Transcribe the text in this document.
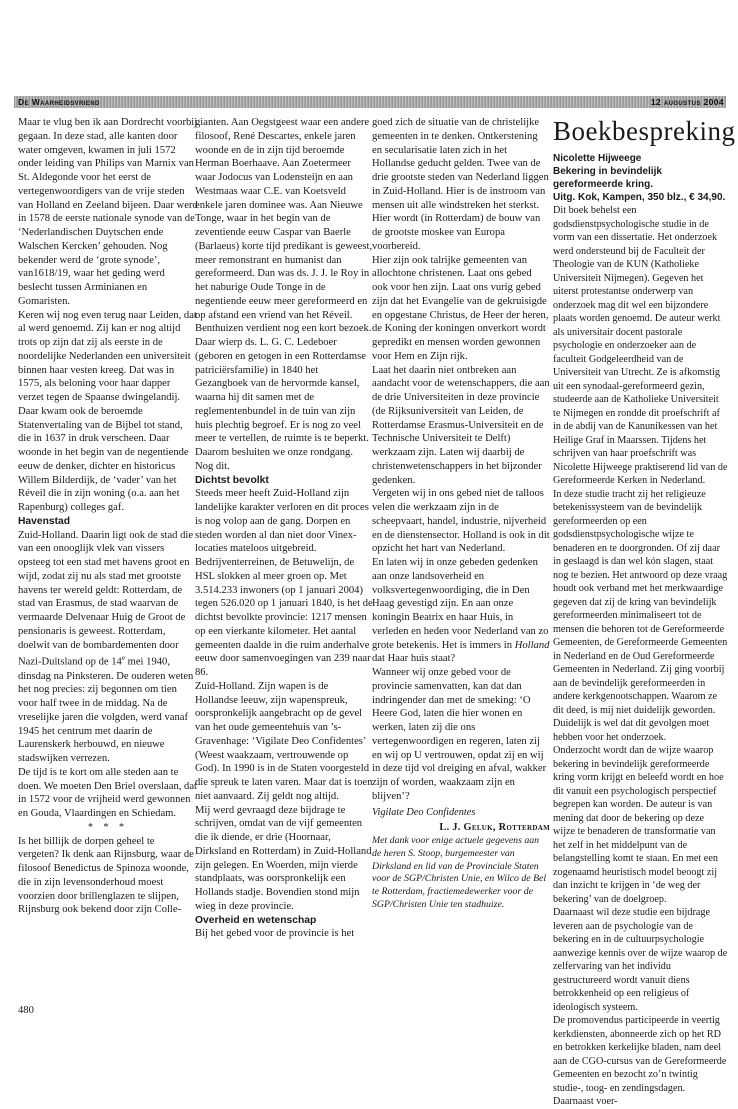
De Waarheidsvriend	12 augustus 2004

Maar te vlug ben ik aan Dordrecht voorbij gegaan. In deze stad, alle kanten door water omgeven, kwamen in juli 1572 onder leiding van Philips van Marnix van St. Aldegonde voor het eerst de vertegenwoordigers van de vrije steden van Holland en Zeeland bijeen. Daar werd in 1578 de eerste nationale synode van de ‘Nederlandischen Duytschen ende Walschen Kercken’ gehouden. Nog bekender werd de ‘grote synode’, van1618/19, waar het geding werd beslecht tussen Arminianen en Gomaristen.

Keren wij nog even terug naar Leiden, dat al werd genoemd. Zij kan er nog altijd trots op zijn dat zij als eerste in de noordelijke Nederlanden een universiteit binnen haar vesten kreeg. Dat was in 1575, als beloning voor haar dapper verzet tegen de Spaanse dwingelandij. Daar kwam ook de beroemde Statenvertaling van de Bijbel tot stand, die in 1637 in druk verscheen. Daar woonde in het begin van de negentiende eeuw de denker, dichter en historicus Willem Bilderdijk, de ‘vader’ van het Réveil die in zijn woning (o.a. aan het Rapenburg) colleges gaf.

Havenstad

Zuid-Holland. Daarin ligt ook de stad die van een onooglijk vlek van vissers opsteeg tot een stad met havens groot en wijd, zodat zij nu als stad met grootste havens ter wereld geldt: Rotterdam, de stad van Erasmus, de stad waarvan de vermaarde Delvenaar Huig de Groot de pensionaris is geweest. Rotterdam, doelwit van de bombardementen door Nazi-Duitsland op de 14e mei 1940, dinsdag na Pinksteren. De ouderen weten het nog precies: zij begonnen om tien voor half twee in de middag. Na de vreselijke jaren die volgden, werd vanaf 1945 het centrum met daarin de Laurenskerk herbouwd, en nieuwe stadswijken verrezen.

De tijd is te kort om alle steden aan te doen. We moeten Den Briel overslaan, dat in 1572 voor de vrijheid werd gewonnen en Gouda, Vlaardingen en Schiedam.

* * *

Is het billijk de dorpen geheel te vergeten? Ik denk aan Rijnsburg, waar de filosoof Benedictus de Spinoza woonde, die in zijn levensonderhoud moest voorzien door brillenglazen te slijpen, Rijnsburg ook bekend door zijn Colle-

gianten. Aan Oegstgeest waar een andere filosoof, René Descartes, enkele jaren woonde en de in zijn tijd beroemde Herman Boerhaave. Aan Zoetermeer waar Jodocus van Lodensteijn en aan Westmaas waar C.E. van Koetsveld enkele jaren dominee was. Aan Nieuwe Tonge, waar in het begin van de zeventiende eeuw Caspar van Baerle (Barlaeus) korte tijd predikant is geweest, meer remonstrant en humanist dan gereformeerd. Dan was ds. J. J. le Roy in het naburige Oude Tonge in de negentiende eeuw meer gereformeerd en op afstand een vriend van het Réveil. Benthuizen verdient nog een kort bezoek. Daar wierp ds. L. G. C. Ledeboer (geboren en getogen in een Rotterdamse patriciërsfamilie) in 1840 het Gezangboek van de hervormde kansel, waarna hij dit samen met de reglementenbundel in de tuin van zijn huis plechtig begroef. Er is nog zo veel meer te vertellen, de ruimte is te beperkt. Daarom besluiten we onze rondgang. Nog dit.

Dichtst bevolkt

Steeds meer heeft Zuid-Holland zijn landelijke karakter verloren en dit proces is nog volop aan de gang. Dorpen en steden worden al dan niet door Vinex-locaties mateloos uitgebreid. Bedrijventerreinen, de Betuwelijn, de HSL slokken al meer groen op. Met 3.514.233 inwoners (op 1 januari 2004) tegen 526.020 op 1 januari 1840, is het de dichtst bevolkte provincie: 1217 mensen op een vierkante kilometer. Het aantal gemeenten daalde in die ruim anderhalve eeuw door samenvoegingen van 239 naar 86.

Zuid-Holland. Zijn wapen is de Hollandse leeuw, zijn wapenspreuk, oorspronkelijk aangebracht op de gevel van het oude gemeentehuis van ’s-Gravenhage: ‘Vigilate Deo Confidentes’ (Weest waakzaam, vertrouwende op God). In 1990 is in de Staten voorgesteld die spreuk te laten varen. Maar dat is toen niet aanvaard. Zij geldt nog altijd.

Mij werd gevraagd deze bijdrage te schrijven, omdat van de vijf gemeenten die ik diende, er drie (Hoornaar, Dirksland en Rotterdam) in Zuid-Holland zijn gelegen. En Woerden, mijn vierde standplaats, was oorspronkelijk een Hollands stadje. Bovendien stond mijn wieg in deze provincie.

Overheid en wetenschap

Bij het gebed voor de provincie is het

goed zich de situatie van de christelijke gemeenten in te denken. Ontkerstening en secularisatie laten zich in het Hollandse geducht gelden. Twee van de drie grootste steden van Nederland liggen in Zuid-Holland. Hier is de instroom van mensen uit alle windstreken het sterkst. Hier wordt (in Rotterdam) de bouw van de grootste moskee van Europa voorbereid.

Hier zijn ook talrijke gemeenten van allochtone christenen. Laat ons gebed ook voor hen zijn. Laat ons vurig gebed zijn dat het Evangelie van de gekruisigde en opgestane Christus, de Heer der heren, de Koning der koningen onverkort wordt gepredikt en mensen worden gewonnen voor Hem en Zijn rijk.

Laat het daarin niet ontbreken aan aandacht voor de wetenschappers, die aan de drie Universiteiten in deze provincie (de Rijksuniversiteit van Leiden, de Rotterdamse Erasmus-Universiteit en de Technische Universiteit te Delft) werkzaam zijn. Laten wij daarbij de christenwetenschappers in het bijzonder gedenken.

Vergeten wij in ons gebed niet de talloos velen die werkzaam zijn in de scheepvaart, handel, industrie, nijverheid en de dienstensector. Holland is ook in dit opzicht het hart van Nederland.

En laten wij in onze gebeden gedenken aan onze landsoverheid en volksvertegenwoordiging, die in Den Haag gevestigd zijn. En aan onze koningin Beatrix en haar Huis, in verleden en heden voor Nederland van zo grote betekenis. Het is immers in Holland dat Haar huis staat?

Wanneer wij onze gebed voor de provincie samenvatten, kan dat dan indringender dan met de smeking: ‘O Heere God, laten die hier wonen en werken, laten zij die ons vertegenwoordigen en regeren, laten zij en wij op U vertrouwen, opdat zij en wij in deze tijd vol dreiging en afval, wakker zijn of worden, waakzaam zijn en blijven’?

Vigilate Deo Confidentes
L. J. Geluk, Rotterdam

Met dank voor enige actuele gegevens aan de heren S. Stoop, burgemeester van Dirksland en lid van de Provinciale Staten voor de SGP/Christen Unie, en Wilco de Bel te Rotterdam, fractiemedewerker voor de SGP/Christen Unie ten stadhuize.

Boekbespreking

Nicolette Hijweege

Bekering in bevindelijk gereformeerde kring.

Uitg. Kok, Kampen, 350 blz., € 34,90.

Dit boek behelst een godsdienstpsychologische studie in de vorm van een dissertatie. Het onderzoek werd ondersteund bij de Faculteit der Theologie van de KUN (Katholieke Universiteit Nijmegen). Gegeven het uiterst protestantse onderwerp van onderzoek mag dit wel een bijzondere plaats worden genoemd. De auteur werkt als universitair docent pastorale psychologie en onderzoeker aan de faculteit Godgeleerdheid van de Universiteit van Utrecht. Ze is afkomstig uit een synodaal-gereformeerd gezin, studeerde aan de Katholieke Universiteit te Nijmegen en rondde dit proefschrift af in de abdij van de Kanunikessen van het Heilige Graf in Maarssen. Tijdens het schrijven van haar proefschrift was Nicolette Hijweege praktiserend lid van de Gereformeerde Kerken in Nederland.

In deze studie tracht zij het religieuze betekenissysteem van de bevindelijk gereformeerden op een godsdienstpsychologische wijze te benaderen en te doorgronden. Of zij daar in geslaagd is dan wel kón slagen, staat nog te bezien. Het antwoord op deze vraag houdt ook verband met het merkwaardige gegeven dat zij de kring van bevindelijk gereformeerden minimaliseert tot de mensen die behoren tot de Gereformeerde Gemeenten, de Gereformeerde Gemeenten in Nederland en de Oud Gereformeerde Gemeenten in Nederland. Zij ging voorbij aan de bevindelijk gereformeerden in andere kerkgenootschappen. Waarom ze dit deed, is mij niet duidelijk geworden. Duidelijk is wel dat dit gevolgen moet hebben voor het onderzoek.

Onderzocht wordt dan de wijze waarop bekering in bevindelijk gereformeerde kring vorm krijgt en beleefd wordt en hoe dit vanuit een psychologisch perspectief begrepen kan worden. De auteur is van mening dat door de bekering op deze wijze te benaderen de transformatie van het zelf in het middelpunt van de belangstelling komt te staan. En met een zogenaamd heuristisch model beoogt zij dan inzicht te krijgen in ‘de weg der bekering’ van de doelgroep.

Daarnaast wil deze studie een bijdrage leveren aan de psychologie van de bekering en in de cultuurpsychologie aanwezige kennis over de wijze waarop de zelfervaring van het individu gestructureerd wordt vanuit diens betrokkenheid op een religieus of ideologisch systeem.

De promovendus participeerde in veertig kerkdiensten, abonneerde zich op het RD en betrokken kerkelijke bladen, nam deel aan de CGO-cursus van de Gereformeerde Gemeenten en bezocht zo’n twintig studie-, toog- en zendingsdagen. Daarnaast voer-

480
